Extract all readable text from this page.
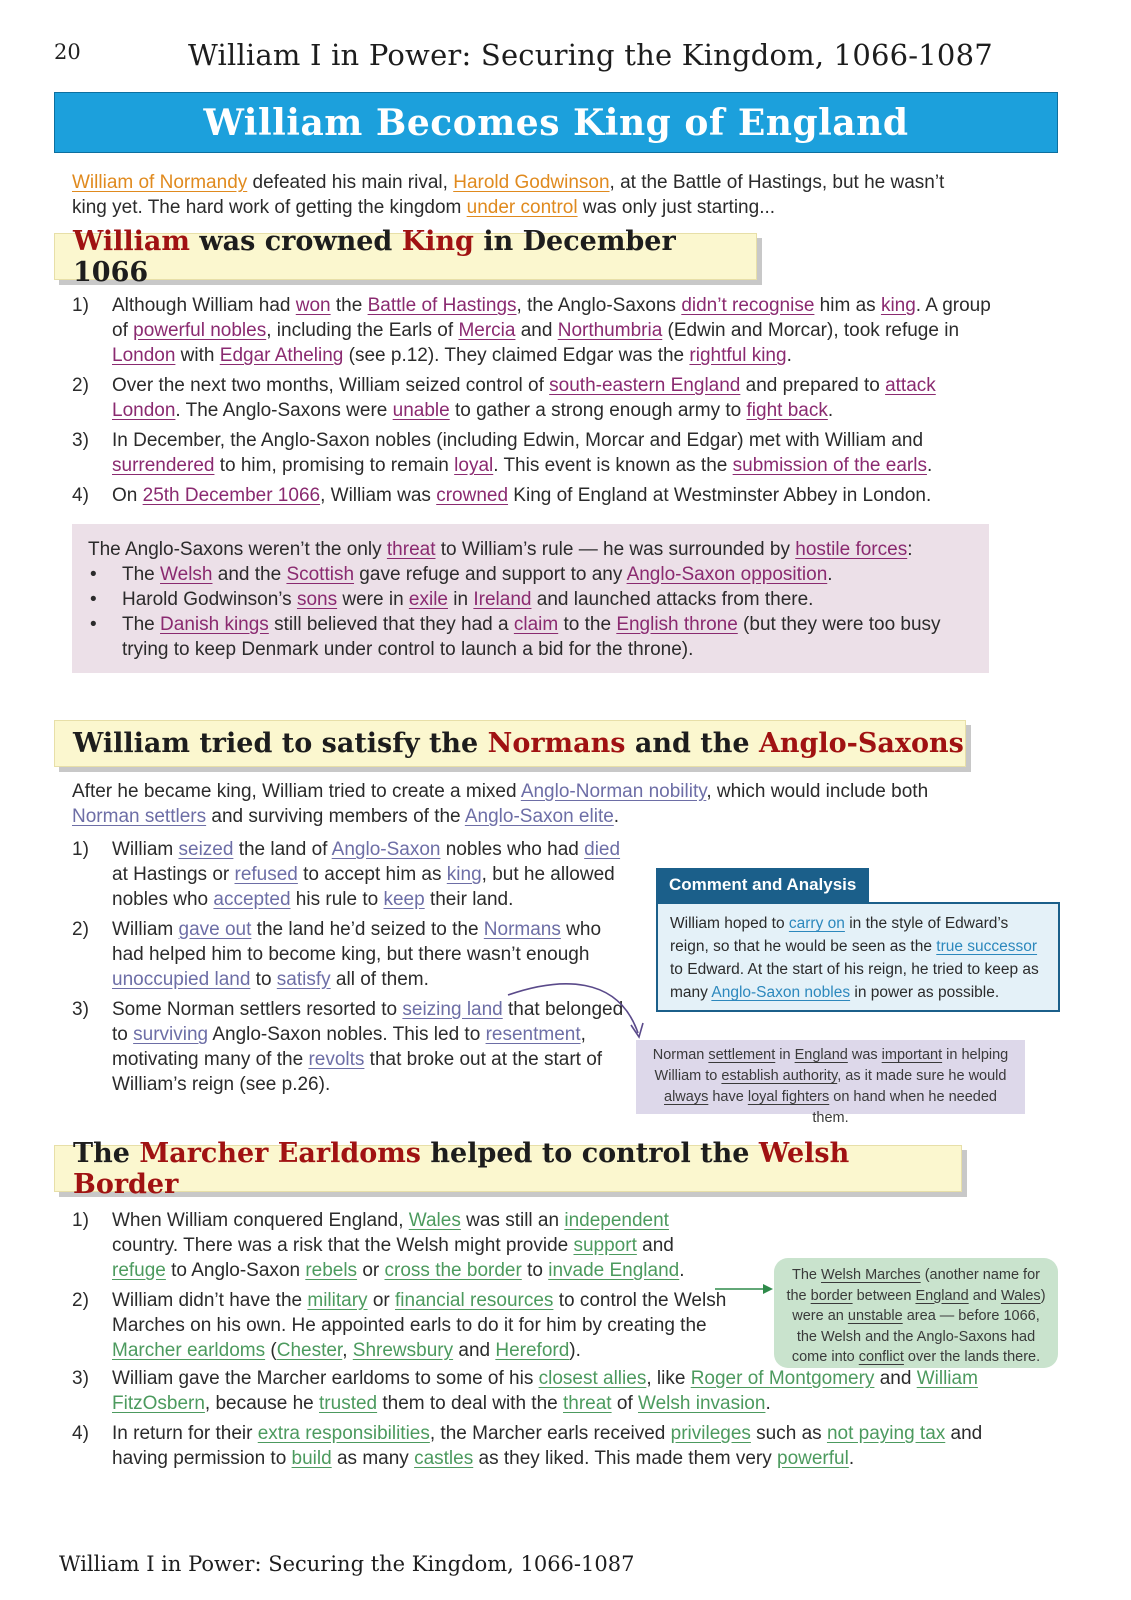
20	William I in Power: Securing the Kingdom, 1066-1087
William Becomes King of England
William of Normandy defeated his main rival, Harold Godwinson, at the Battle of Hastings, but he wasn’t king yet. The hard work of getting the kingdom under control was only just starting...
William was crowned King in December 1066
1) Although William had won the Battle of Hastings, the Anglo-Saxons didn’t recognise him as king. A group of powerful nobles, including the Earls of Mercia and Northumbria (Edwin and Morcar), took refuge in London with Edgar Atheling (see p.12). They claimed Edgar was the rightful king.
2) Over the next two months, William seized control of south-eastern England and prepared to attack London. The Anglo-Saxons were unable to gather a strong enough army to fight back.
3) In December, the Anglo-Saxon nobles (including Edwin, Morcar and Edgar) met with William and surrendered to him, promising to remain loyal. This event is known as the submission of the earls.
4) On 25th December 1066, William was crowned King of England at Westminster Abbey in London.
The Anglo-Saxons weren’t the only threat to William’s rule — he was surrounded by hostile forces:
• The Welsh and the Scottish gave refuge and support to any Anglo-Saxon opposition.
• Harold Godwinson’s sons were in exile in Ireland and launched attacks from there.
• The Danish kings still believed that they had a claim to the English throne (but they were too busy trying to keep Denmark under control to launch a bid for the throne).
William tried to satisfy the Normans and the Anglo-Saxons
After he became king, William tried to create a mixed Anglo-Norman nobility, which would include both Norman settlers and surviving members of the Anglo-Saxon elite.
1) William seized the land of Anglo-Saxon nobles who had died at Hastings or refused to accept him as king, but he allowed nobles who accepted his rule to keep their land.
2) William gave out the land he’d seized to the Normans who had helped him to become king, but there wasn’t enough unoccupied land to satisfy all of them.
3) Some Norman settlers resorted to seizing land that belonged to surviving Anglo-Saxon nobles. This led to resentment, motivating many of the revolts that broke out at the start of William’s reign (see p.26).
Comment and Analysis
William hoped to carry on in the style of Edward’s reign, so that he would be seen as the true successor to Edward. At the start of his reign, he tried to keep as many Anglo-Saxon nobles in power as possible.
Norman settlement in England was important in helping William to establish authority, as it made sure he would always have loyal fighters on hand when he needed them.
The Marcher Earldoms helped to control the Welsh Border
1) When William conquered England, Wales was still an independent country. There was a risk that the Welsh might provide support and refuge to Anglo-Saxon rebels or cross the border to invade England.
2) William didn’t have the military or financial resources to control the Welsh Marches on his own. He appointed earls to do it for him by creating the Marcher earldoms (Chester, Shrewsbury and Hereford).
The Welsh Marches (another name for the border between England and Wales) were an unstable area — before 1066, the Welsh and the Anglo-Saxons had come into conflict over the lands there.
3) William gave the Marcher earldoms to some of his closest allies, like Roger of Montgomery and William FitzOsbern, because he trusted them to deal with the threat of Welsh invasion.
4) In return for their extra responsibilities, the Marcher earls received privileges such as not paying tax and having permission to build as many castles as they liked. This made them very powerful.
William I in Power: Securing the Kingdom, 1066-1087
